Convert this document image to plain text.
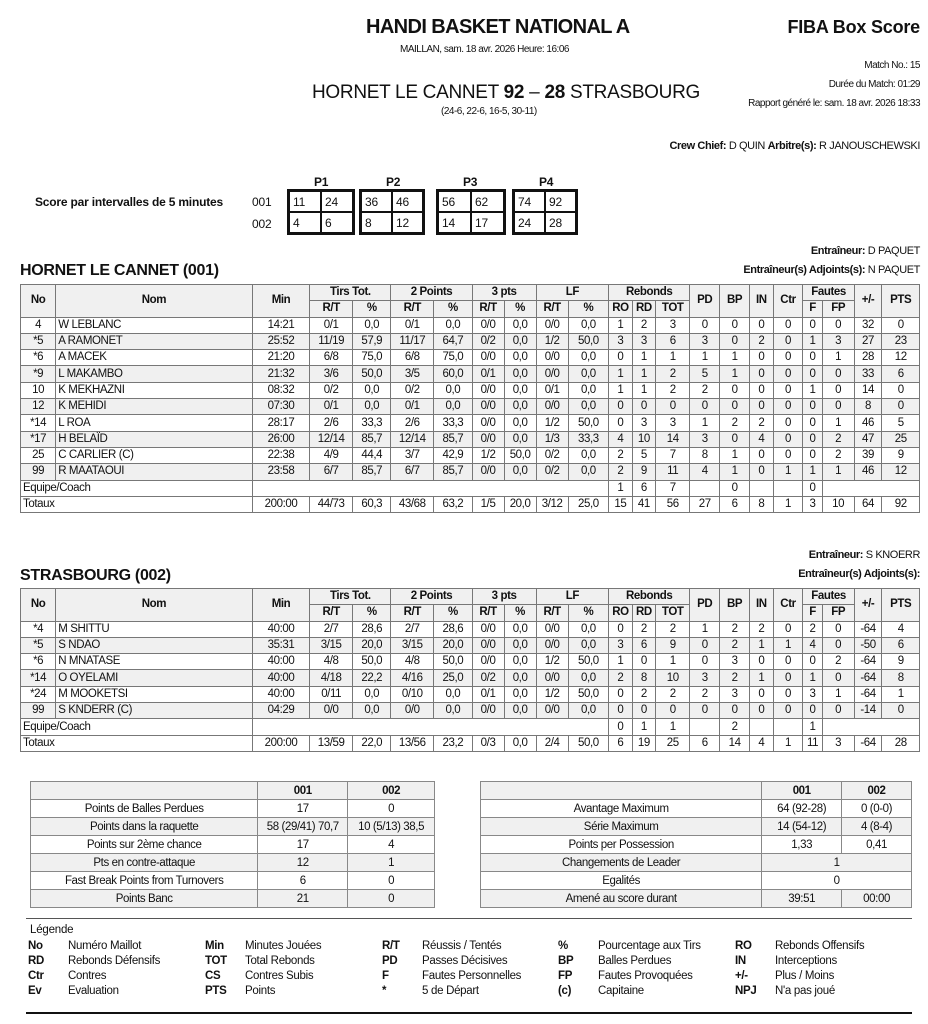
HANDI BASKET NATIONAL A
MAILLAN, sam. 18 avr. 2026 Heure: 16:06
FIBA Box Score
Match No.: 15
Durée du Match: 01:29
Rapport généré le: sam. 18 avr. 2026 18:33
HORNET LE CANNET 92 – 28 STRASBOURG
(24-6, 22-6, 16-5, 30-11)
Crew Chief: D QUIN Arbitre(s): R JANOUSCHEWSKI
Score par intervalles de 5 minutes 001
002
P1
11	24
4	6
P2
36	46
8	12
P3
56	62
14	17
P4
74	92
24	28
HORNET LE CANNET (001)
Entraîneur: D PAQUET
Entraîneur(s) Adjoints(s): N PAQUET
No	Nom	Min	Tirs Tot.		2 Points		3 pts		LF		Rebonds			PD	BP	IN	Ctr	Fautes		+/-	PTS
			R/T	%	R/T	%	R/T	%	R/T	%	RO	RD	TOT					F	FP		
4	W LEBLANC	14:21	0/1	0,0	0/1	0,0	0/0	0,0	0/0	0,0	1	2	3	0	0	0	0	0	0	32	0
*5	A RAMONET	25:52	11/19	57,9	11/17	64,7	0/2	0,0	1/2	50,0	3	3	6	3	0	2	0	1	3	27	23
*6	A MACEK	21:20	6/8	75,0	6/8	75,0	0/0	0,0	0/0	0,0	0	1	1	1	1	0	0	0	1	28	12
*9	L MAKAMBO	21:32	3/6	50,0	3/5	60,0	0/1	0,0	0/0	0,0	1	1	2	5	1	0	0	0	0	33	6
10	K MEKHAZNI	08:32	0/2	0,0	0/2	0,0	0/0	0,0	0/1	0,0	1	1	2	2	0	0	0	1	0	14	0
12	K MEHIDI	07:30	0/1	0,0	0/1	0,0	0/0	0,0	0/0	0,0	0	0	0	0	0	0	0	0	0	8	0
*14	L ROA	28:17	2/6	33,3	2/6	33,3	0/0	0,0	1/2	50,0	0	3	3	1	2	2	0	0	1	46	5
*17	H BELAÏD	26:00	12/14	85,7	12/14	85,7	0/0	0,0	1/3	33,3	4	10	14	3	0	4	0	0	2	47	25
25	C CARLIER (C)	22:38	4/9	44,4	3/7	42,9	1/2	50,0	0/2	0,0	2	5	7	8	1	0	0	0	2	39	9
99	R MAATAOUI	23:58	6/7	85,7	6/7	85,7	0/0	0,0	0/2	0,0	2	9	11	4	1	0	1	1	1	46	12
Equipe/Coach											1	6	7		0			0			
Totaux		200:00	44/73	60,3	43/68	63,2	1/5	20,0	3/12	25,0	15	41	56	27	6	8	1	3	10	64	92
STRASBOURG (002)
Entraîneur: S KNOERR
Entraîneur(s) Adjoints(s):
No	Nom	Min	Tirs Tot.		2 Points		3 pts		LF		Rebonds			PD	BP	IN	Ctr	Fautes		+/-	PTS
			R/T	%	R/T	%	R/T	%	R/T	%	RO	RD	TOT					F	FP		
*4	M SHITTU	40:00	2/7	28,6	2/7	28,6	0/0	0,0	0/0	0,0	0	2	2	1	2	2	0	2	0	-64	4
*5	S NDAO	35:31	3/15	20,0	3/15	20,0	0/0	0,0	0/0	0,0	3	6	9	0	2	1	1	4	0	-50	6
*6	N MNATASE	40:00	4/8	50,0	4/8	50,0	0/0	0,0	1/2	50,0	1	0	1	0	3	0	0	0	2	-64	9
*14	O OYELAMI	40:00	4/18	22,2	4/16	25,0	0/2	0,0	0/0	0,0	2	8	10	3	2	1	0	1	0	-64	8
*24	M MOOKETSI	40:00	0/11	0,0	0/10	0,0	0/1	0,0	1/2	50,0	0	2	2	2	3	0	0	3	1	-64	1
99	S KNDERR (C)	04:29	0/0	0,0	0/0	0,0	0/0	0,0	0/0	0,0	0	0	0	0	0	0	0	0	0	-14	0
Equipe/Coach											0	1	1		2			1			
Totaux		200:00	13/59	22,0	13/56	23,2	0/3	0,0	2/4	50,0	6	19	25	6	14	4	1	11	3	-64	28
	001	002
Points de Balles Perdues	17	0
Points dans la raquette	58 (29/41) 70,7	10 (5/13) 38,5
Points sur 2ème chance	17	4
Pts en contre-attaque	12	1
Fast Break Points from Turnovers	6	0
Points Banc	21	0
	001	002
Avantage Maximum	64 (92-28)	0 (0-0)
Série Maximum	14 (54-12)	4 (8-4)
Points per Possession	1,33	0,41
Changements de Leader	1	
Egalités	0	
Amené au score durant	39:51	00:00
Légende
No Numéro Maillot
RD Rebonds Défensifs
Ctr Contres
Ev Evaluation
Min Minutes Jouées
TOT Total Rebonds
CS Contres Subis
PTS Points
R/T Réussis / Tentés
PD Passes Décisives
F	Fautes Personnelles
*	5 de Départ
%	Pourcentage aux Tirs
BP Balles Perdues
FP Fautes Provoquées
(c) Capitaine
RO Rebonds Offensifs
IN	Interceptions
+/- Plus / Moins
NPJ N'a pas joué
